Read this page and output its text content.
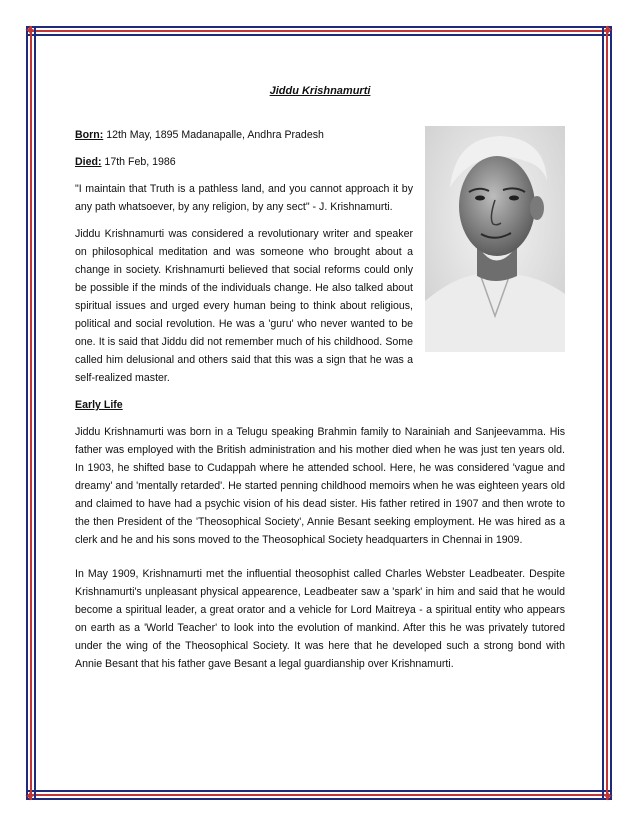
✦	✦
✦	✦
Jiddu Krishnamurti

Born: 12th May, 1895 Madanapalle, Andhra Pradesh

Died: 17th Feb, 1986

"I maintain that Truth is a pathless land, and you cannot approach it by any path whatsoever, by any religion, by any sect" - J. Krishnamurti.

Jiddu Krishnamurti was considered a revolutionary writer and speaker on philosophical meditation and was someone who brought about a change in society. Krishnamurti believed that social reforms could only be possible if the minds of the individuals change. He also talked about spiritual issues and urged every human being to think about religious, political and social revolution. He was a 'guru' who never wanted to be one. It is said that Jiddu did not remember much of his childhood. Some called him delusional and others said that this was a sign that he was a self-realized master.

Early Life

Jiddu Krishnamurti was born in a Telugu speaking Brahmin family to Narainiah and Sanjeevamma. His father was employed with the British administration and his mother died when he was just ten years old. In 1903, he shifted base to Cudappah where he attended school. Here, he was considered 'vague and dreamy' and 'mentally retarded'. He started penning childhood memoirs when he was eighteen years old and claimed to have had a psychic vision of his dead sister. His father retired in 1907 and then wrote to the then President of the 'Theosophical Society', Annie Besant seeking employment. He was hired as a clerk and he and his sons moved to the Theosophical Society headquarters in Chennai in 1909.

In May 1909, Krishnamurti met the influential theosophist called Charles Webster Leadbeater. Despite Krishnamurti's unpleasant physical appearence, Leadbeater saw a 'spark' in him and said that he would become a spiritual leader, a great orator and a vehicle for Lord Maitreya - a spiritual entity who appears on earth as a 'World Teacher' to look into the evolution of mankind. After this he was privately tutored under the wing of the Theosophical Society. It was here that he developed such a strong bond with Annie Besant that his father gave Besant a legal guardianship over Krishnamurti.
